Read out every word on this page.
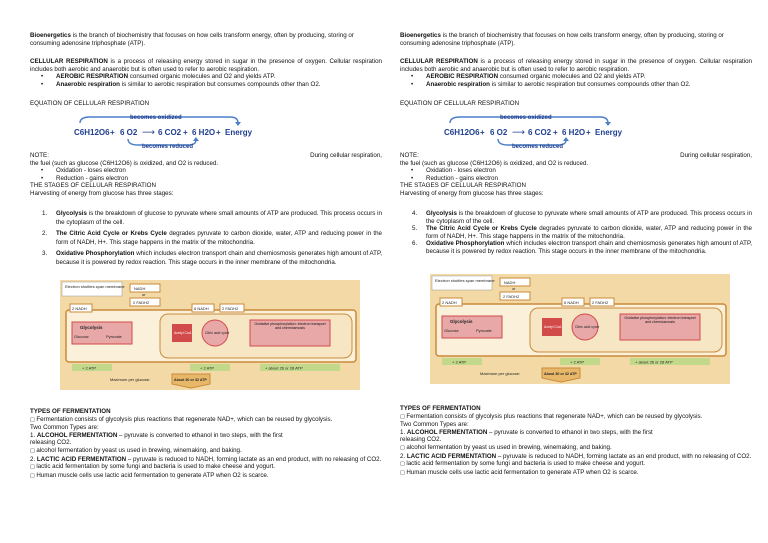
Bioenergetics is the branch of biochemistry that focuses on how cells transform energy, often by producing, storing or consuming adenosine triphosphate (ATP).

CELLULAR RESPIRATION is a process of releasing energy stored in sugar in the presence of oxygen. Cellular respiration includes both aerobic and anaerobic but is often used to refer to aerobic respiration.

• AEROBIC RESPIRATION consumed organic molecules and O2 and yields ATP.
• Anaerobic respiration is similar to aerobic respiration but consumes compounds other than O2.
EQUATION OF CELLULAR RESPIRATION
becomes oxidized
C6H12O6 + 6 O2 ⟶ 6 CO2 + 6 H2O + Energy
becomes reduced
NOTE:	During cellular respiration,

the fuel (such as glucose (C6H12O6) is oxidized, and O2 is reduced.

• Oxidation - loses electron
• Reduction - gains electron

THE STAGES OF CELLULAR RESPIRATION

Harvesting of energy from glucose has three stages:

1. Glycolysis is the breakdown of glucose to pyruvate where small amounts of ATP are produced. This process occurs in the cytoplasm of the cell.
2. The Citric Acid Cycle or Krebs Cycle degrades pyruvate to carbon dioxide, water, ATP and reducing power in the form of NADH, H+. This stage happens in the matrix of the mitochondria.
3. Oxidative Phosphorylation which includes electron transport chain and chemiosmosis generates high amount of ATP, because it is powered by redox reaction. This stage occurs in the inner membrane of the mitochondria.
Electron shuttles span membrane NADH
or
2 FADH2
2 NADH	6 NADH	2 FADH2
Glycolysis
Glucose	Pyruvate
Acetyl CoA	Citric acid cycle
Oxidative phosphorylation: electron transport and chemiosmosis
+ 2 ATP	+ 2 ATP	+ about 26 or 28 ATP
Maximum per glucose:	About 30 or 32 ATP

TYPES OF FERMENTATION

□ Fermentation consists of glycolysis plus reactions that regenerate NAD+, which can be reused by glycolysis.

Two Common Types are:

1. ALCOHOL FERMENTATION – pyruvate is converted to ethanol in two steps, with the first

releasing CO2.

□ alcohol fermentation by yeast us used in brewing, winemaking, and baking.

2. LACTIC ACID FERMENTATION – pyruvate is reduced to NADH, forming lactate as an end product, with no releasing of CO2.

□ lactic acid fermentation by some fungi and bacteria is used to make cheese and yogurt.

□ Human muscle cells use lactic acid fermentation to generate ATP when O2 is scarce.

Bioenergetics is the branch of biochemistry that focuses on how cells transform energy, often by producing, storing or consuming adenosine triphosphate (ATP).

CELLULAR RESPIRATION is a process of releasing energy stored in sugar in the presence of oxygen. Cellular respiration includes both aerobic and anaerobic but is often used to refer to aerobic respiration.

• AEROBIC RESPIRATION consumed organic molecules and O2 and yields ATP.
• Anaerobic respiration is similar to aerobic respiration but consumes compounds other than O2.
EQUATION OF CELLULAR RESPIRATION
becomes oxidized
C6H12O6 + 6 O2 ⟶ 6 CO2 + 6 H2O + Energy
becomes reduced
NOTE:	During cellular respiration,

the fuel (such as glucose (C6H12O6) is oxidized, and O2 is reduced.

• Oxidation - loses electron
• Reduction - gains electron

THE STAGES OF CELLULAR RESPIRATION

Harvesting of energy from glucose has three stages:

4. Glycolysis is the breakdown of glucose to pyruvate where small amounts of ATP are produced. This process occurs in the cytoplasm of the cell.
5. The Citric Acid Cycle or Krebs Cycle degrades pyruvate to carbon dioxide, water, ATP and reducing power in the form of NADH, H+. This stage happens in the matrix of the mitochondria.
6. Oxidative Phosphorylation which includes electron transport chain and chemiosmosis generates high amount of ATP, because it is powered by redox reaction. This stage occurs in the inner membrane of the mitochondria.
Electron shuttles span membrane NADH
or
2 FADH2
2 NADH	6 NADH	2 FADH2
Glycolysis
Glucose	Pyruvate
Acetyl CoA	Citric acid cycle
Oxidative phosphorylation: electron transport and chemiosmosis
+ 2 ATP	+ 2 ATP	+ about 26 or 28 ATP
Maximum per glucose:	About 30 or 32 ATP

TYPES OF FERMENTATION

□ Fermentation consists of glycolysis plus reactions that regenerate NAD+, which can be reused by glycolysis.

Two Common Types are:

1. ALCOHOL FERMENTATION – pyruvate is converted to ethanol in two steps, with the first

releasing CO2.

□ alcohol fermentation by yeast us used in brewing, winemaking, and baking.

2. LACTIC ACID FERMENTATION – pyruvate is reduced to NADH, forming lactate as an end product, with no releasing of CO2.

□ lactic acid fermentation by some fungi and bacteria is used to make cheese and yogurt.

□ Human muscle cells use lactic acid fermentation to generate ATP when O2 is scarce.
